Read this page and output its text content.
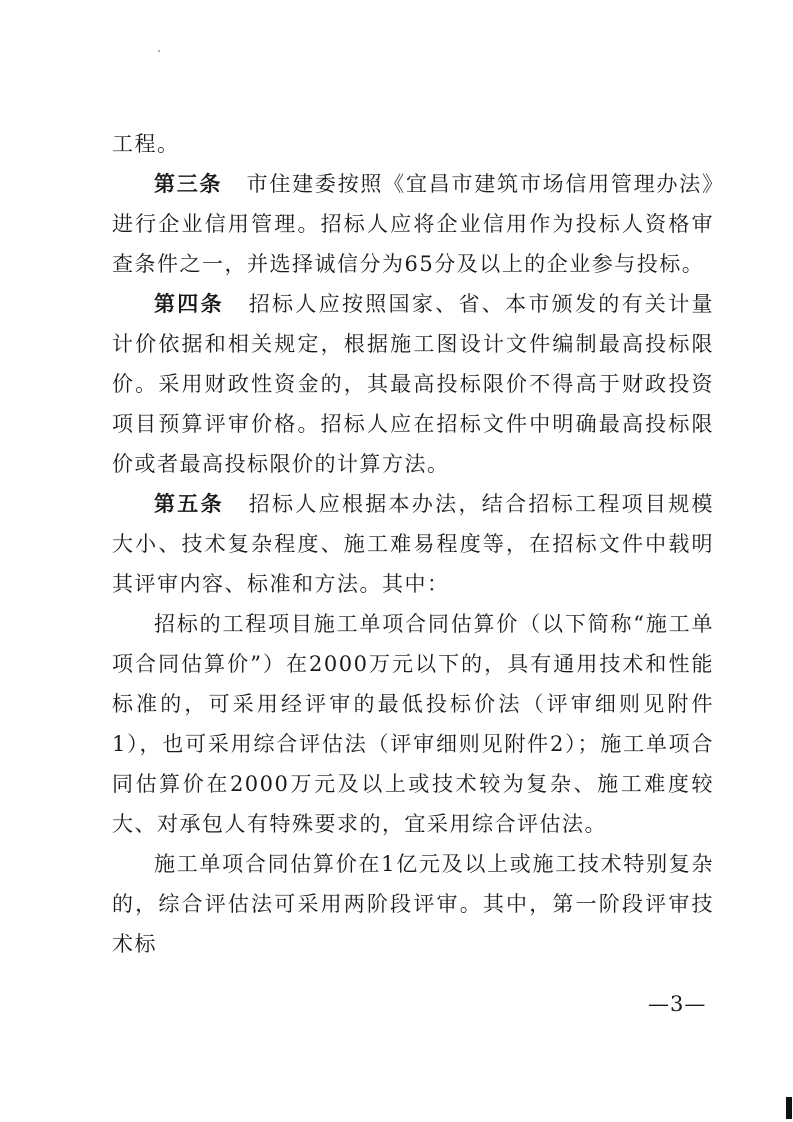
工程。

第三条 市住建委按照《宜昌市建筑市场信用管理办法》进行企业信用管理。招标人应将企业信用作为投标人资格审查条件之一，并选择诚信分为65分及以上的企业参与投标。

第四条 招标人应按照国家、省、本市颁发的有关计量计价依据和相关规定，根据施工图设计文件编制最高投标限价。采用财政性资金的，其最高投标限价不得高于财政投资项目预算评审价格。招标人应在招标文件中明确最高投标限价或者最高投标限价的计算方法。

第五条 招标人应根据本办法，结合招标工程项目规模大小、技术复杂程度、施工难易程度等，在招标文件中载明其评审内容、标准和方法。其中：

招标的工程项目施工单项合同估算价（以下简称“施工单项合同估算价”）在2000万元以下的，具有通用技术和性能标准的，可采用经评审的最低投标价法（评审细则见附件1），也可采用综合评估法（评审细则见附件2）；施工单项合同估算价在2000万元及以上或技术较为复杂、施工难度较大、对承包人有特殊要求的，宜采用综合评估法。

施工单项合同估算价在1亿元及以上或施工技术特别复杂的，综合评估法可采用两阶段评审。其中，第一阶段评审技术标

—3—
